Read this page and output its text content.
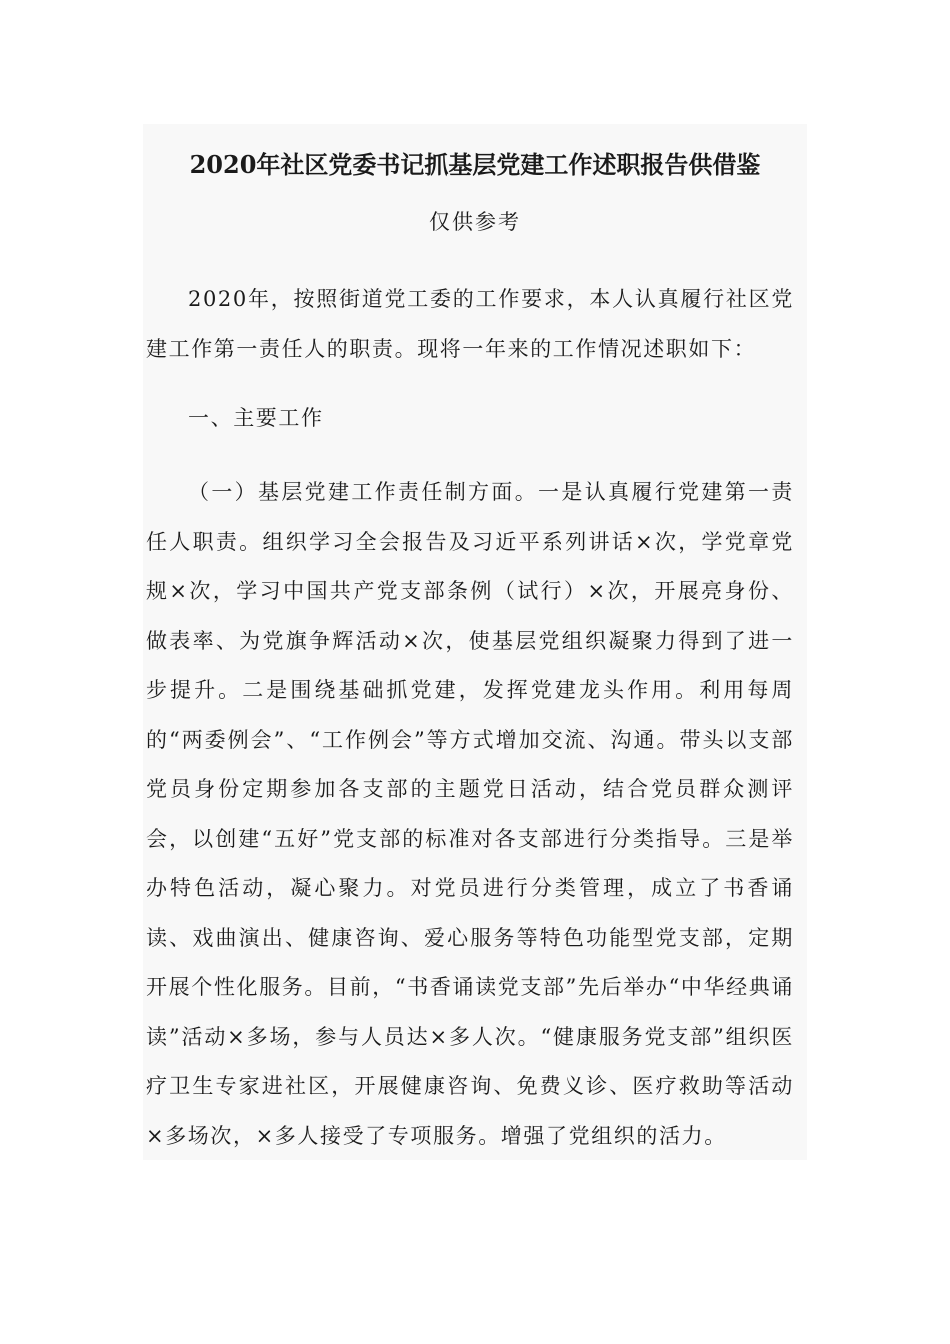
2020年社区党委书记抓基层党建工作述职报告供借鉴

仅供参考

2020年，按照街道党工委的工作要求，本人认真履行社区党建工作第一责任人的职责。现将一年来的工作情况述职如下：

一、主要工作

（一）基层党建工作责任制方面。一是认真履行党建第一责任人职责。组织学习全会报告及习近平系列讲话×次，学党章党规×次，学习中国共产党支部条例（试行）×次，开展亮身份、做表率、为党旗争辉活动×次，使基层党组织凝聚力得到了进一步提升。二是围绕基础抓党建，发挥党建龙头作用。利用每周的“两委例会”、“工作例会”等方式增加交流、沟通。带头以支部党员身份定期参加各支部的主题党日活动，结合党员群众测评会，以创建“五好”党支部的标准对各支部进行分类指导。三是举办特色活动，凝心聚力。对党员进行分类管理，成立了书香诵读、戏曲演出、健康咨询、爱心服务等特色功能型党支部，定期开展个性化服务。目前，“书香诵读党支部”先后举办“中华经典诵读”活动×多场，参与人员达×多人次。“健康服务党支部”组织医疗卫生专家进社区，开展健康咨询、免费义诊、医疗救助等活动×多场次，×多人接受了专项服务。增强了党组织的活力。
